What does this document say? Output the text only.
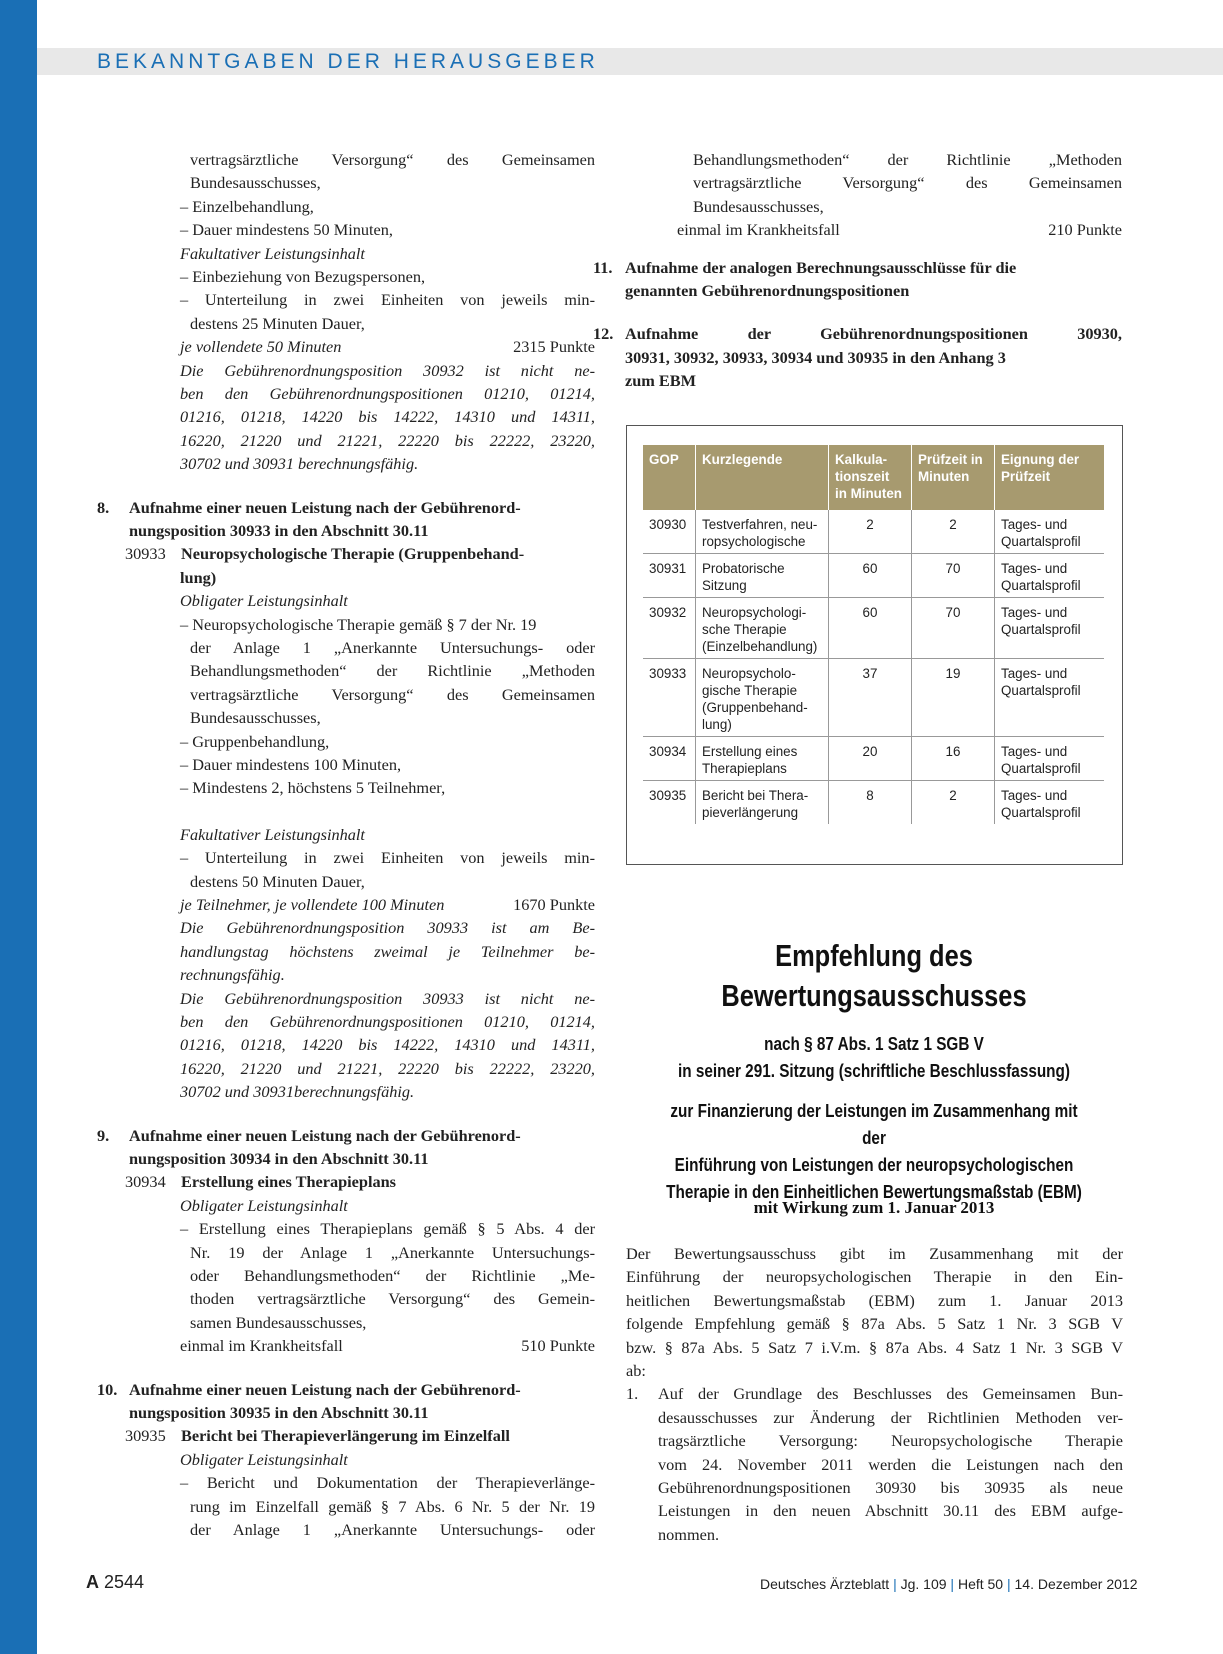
BEKANNTGABEN DER HERAUSGEBER
vertragsärztliche Versorgung“ des Gemeinsamen
Bundesausschusses,
– Einzelbehandlung,
– Dauer mindestens 50 Minuten,
Fakultativer Leistungsinhalt
– Einbeziehung von Bezugspersonen,
– Unterteilung in zwei Einheiten von jeweils min-
destens 25 Minuten Dauer,
je vollendete 50 Minuten	2315 Punkte
Die Gebührenordnungsposition 30932 ist nicht ne-
ben den Gebührenordnungspositionen 01210, 01214,
01216, 01218, 14220 bis 14222, 14310 und 14311,
16220, 21220 und 21221, 22220 bis 22222, 23220,
30702 und 30931 berechnungsfähig.
8. Aufnahme einer neuen Leistung nach der Gebührenord-
nungsposition 30933 in den Abschnitt 30.11
30933 Neuropsychologische Therapie (Gruppenbehand-
lung)
Obligater Leistungsinhalt
– Neuropsychologische Therapie gemäß § 7 der Nr. 19
der Anlage 1 „Anerkannte Untersuchungs- oder
Behandlungsmethoden“ der Richtlinie „Methoden
vertragsärztliche Versorgung“ des Gemeinsamen
Bundesausschusses,
– Gruppenbehandlung,
– Dauer mindestens 100 Minuten,
– Mindestens 2, höchstens 5 Teilnehmer,
Fakultativer Leistungsinhalt
– Unterteilung in zwei Einheiten von jeweils min-
destens 50 Minuten Dauer,
je Teilnehmer, je vollendete 100 Minuten	1670 Punkte
Die Gebührenordnungsposition 30933 ist am Be-
handlungstag höchstens zweimal je Teilnehmer be-
rechnungsfähig.
Die Gebührenordnungsposition 30933 ist nicht ne-
ben den Gebührenordnungspositionen 01210, 01214,
01216, 01218, 14220 bis 14222, 14310 und 14311,
16220, 21220 und 21221, 22220 bis 22222, 23220,
30702 und 30931berechnungsfähig.
9. Aufnahme einer neuen Leistung nach der Gebührenord-
nungsposition 30934 in den Abschnitt 30.11
30934 Erstellung eines Therapieplans
Obligater Leistungsinhalt
– Erstellung eines Therapieplans gemäß § 5 Abs. 4 der
Nr. 19 der Anlage 1 „Anerkannte Untersuchungs-
oder Behandlungsmethoden“ der Richtlinie „Me-
thoden vertragsärztliche Versorgung“ des Gemein-
samen Bundesausschusses,
einmal im Krankheitsfall	510 Punkte
10. Aufnahme einer neuen Leistung nach der Gebührenord-
nungsposition 30935 in den Abschnitt 30.11
30935 Bericht bei Therapieverlängerung im Einzelfall
Obligater Leistungsinhalt
– Bericht und Dokumentation der Therapieverlänge-
rung im Einzelfall gemäß § 7 Abs. 6 Nr. 5 der Nr. 19
der Anlage 1 „Anerkannte Untersuchungs- oder
Behandlungsmethoden“ der Richtlinie „Methoden
vertragsärztliche Versorgung“ des Gemeinsamen
Bundesausschusses,
einmal im Krankheitsfall	210 Punkte
11. Aufnahme der analogen Berechnungsausschlüsse für die
genannten Gebührenordnungspositionen
12. Aufnahme der Gebührenordnungspositionen 30930,
30931, 30932, 30933, 30934 und 30935 in den Anhang 3
zum EBM
GOP	Kurzlegende	Kalkula-
tionszeit
in Minuten	Prüfzeit in
Minuten	Eignung der
Prüfzeit
30930	Testverfahren, neu-
ropsychologische	2	2	Tages- und
Quartalsprofil
30931	Probatorische
Sitzung	60	70	Tages- und
Quartalsprofil
30932	Neuropsychologi-
sche Therapie
(Einzelbehandlung)	60	70	Tages- und
Quartalsprofil
30933	Neuropsycholo-
gische Therapie
(Gruppenbehand-
lung)	37	19	Tages- und
Quartalsprofil
30934	Erstellung eines
Therapieplans	20	16	Tages- und
Quartalsprofil
30935	Bericht bei Thera-
pieverlängerung	8	2	Tages- und
Quartalsprofil
Empfehlung des
Bewertungsausschusses
nach § 87 Abs. 1 Satz 1 SGB V
in seiner 291. Sitzung (schriftliche Beschlussfassung)
zur Finanzierung der Leistungen im Zusammenhang mit der
Einführung von Leistungen der neuropsychologischen
Therapie in den Einheitlichen Bewertungsmaßstab (EBM)
mit Wirkung zum 1. Januar 2013
Der Bewertungsausschuss gibt im Zusammenhang mit der
Einführung der neuropsychologischen Therapie in den Ein-
heitlichen Bewertungsmaßstab (EBM) zum 1. Januar 2013
folgende Empfehlung gemäß § 87a Abs. 5 Satz 1 Nr. 3 SGB V
bzw. § 87a Abs. 5 Satz 7 i.V.m. § 87a Abs. 4 Satz 1 Nr. 3 SGB V
ab:
1. Auf der Grundlage des Beschlusses des Gemeinsamen Bun-
desausschusses zur Änderung der Richtlinien Methoden ver-
tragsärztliche Versorgung: Neuropsychologische Therapie
vom 24. November 2011 werden die Leistungen nach den
Gebührenordnungspositionen 30930 bis 30935 als neue
Leistungen in den neuen Abschnitt 30.11 des EBM aufge-
nommen.
A 2544	Deutsches Ärzteblatt | Jg. 109 | Heft 50 | 14. Dezember 2012
